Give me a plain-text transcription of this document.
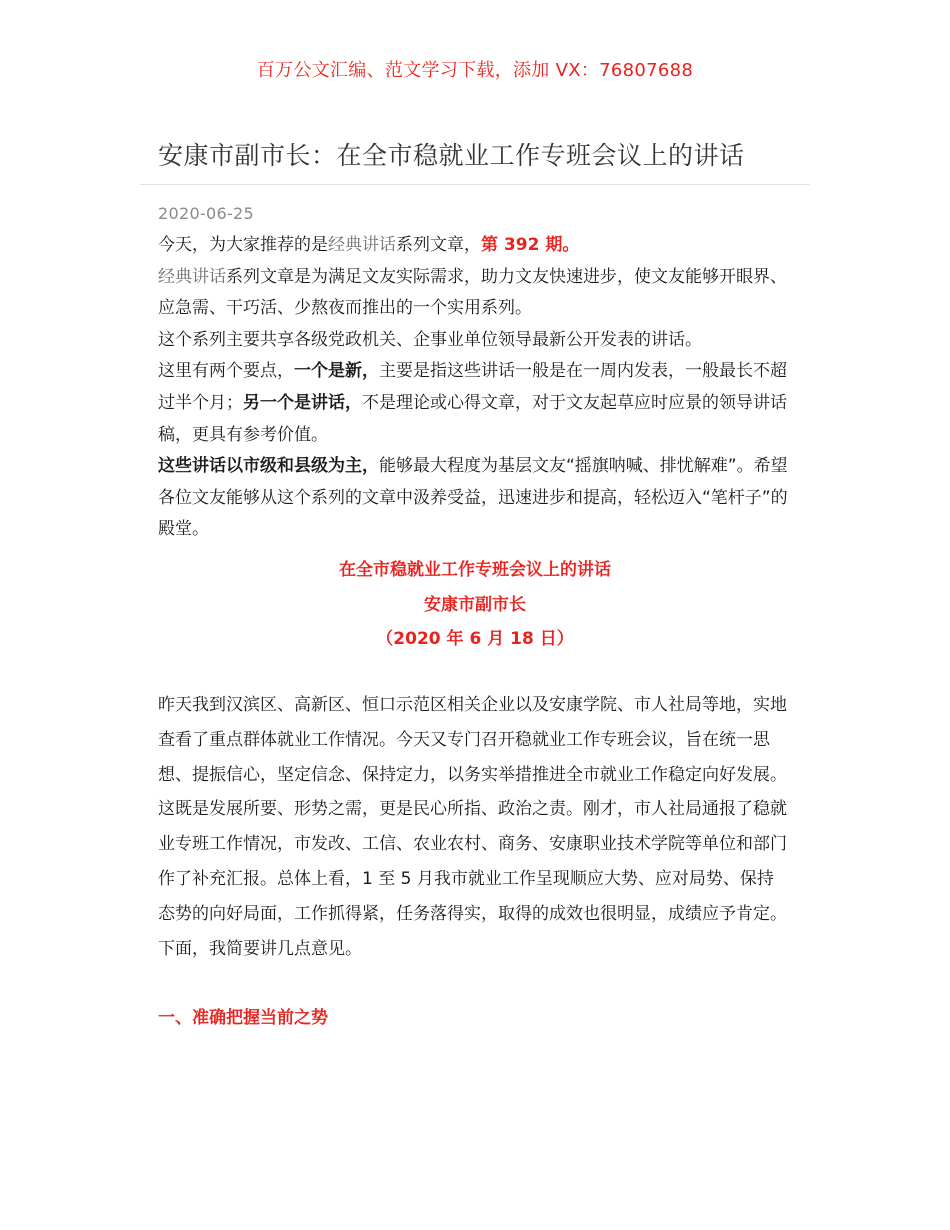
百万公文汇编、范文学习下载，添加 VX：76807688
安康市副市长：在全市稳就业工作专班会议上的讲话
2020-06-25

今天，为大家推荐的是经典讲话系列文章，第 392 期。

经典讲话系列文章是为满足文友实际需求，助力文友快速进步，使文友能够开眼界、应急需、干巧活、少熬夜而推出的一个实用系列。

这个系列主要共享各级党政机关、企事业单位领导最新公开发表的讲话。

这里有两个要点，一个是新，主要是指这些讲话一般是在一周内发表，一般最长不超过半个月；另一个是讲话，不是理论或心得文章，对于文友起草应时应景的领导讲话稿，更具有参考价值。

这些讲话以市级和县级为主，能够最大程度为基层文友“摇旗呐喊、排忧解难”。希望各位文友能够从这个系列的文章中汲养受益，迅速进步和提高，轻松迈入“笔杆子”的殿堂。

在全市稳就业工作专班会议上的讲话
安康市副市长
（2020 年 6 月 18 日）

昨天我到汉滨区、高新区、恒口示范区相关企业以及安康学院、市人社局等地，实地查看了重点群体就业工作情况。今天又专门召开稳就业工作专班会议，旨在统一思想、提振信心，坚定信念、保持定力，以务实举措推进全市就业工作稳定向好发展。这既是发展所要、形势之需，更是民心所指、政治之责。刚才，市人社局通报了稳就业专班工作情况，市发改、工信、农业农村、商务、安康职业技术学院等单位和部门作了补充汇报。总体上看，1 至 5 月我市就业工作呈现顺应大势、应对局势、保持态势的向好局面，工作抓得紧，任务落得实，取得的成效也很明显，成绩应予肯定。下面，我简要讲几点意见。

一、准确把握当前之势
